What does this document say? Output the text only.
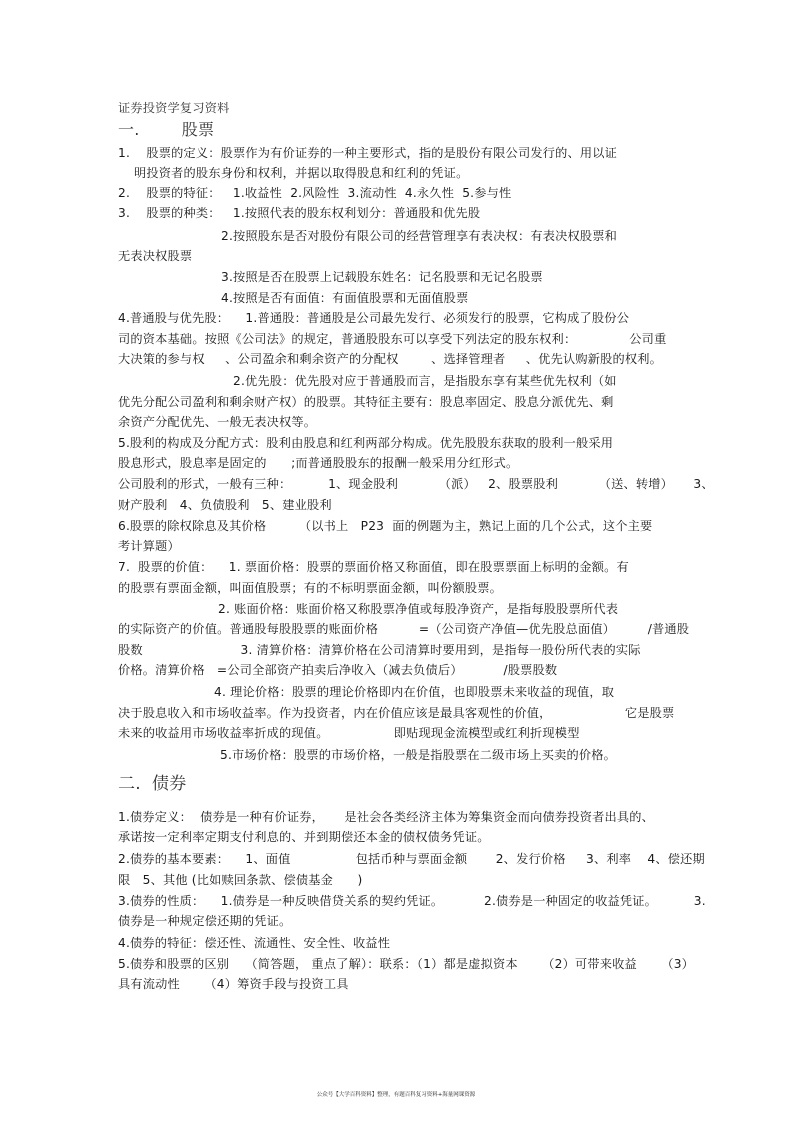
证券投资学复习资料
一.        股票
二.  债券
公众号【大学百科资料】整理，有题百科复习资料+海量网课资源
1.    股票的定义：股票作为有价证券的一种主要形式，指的是股份有限公司发行的、用以证
明投资者的股东身份和权利，并据以取得股息和红利的凭证。
2.    股票的特征：   1.收益性  2.风险性  3.流动性  4.永久性  5.参与性
3.    股票的种类：   1.按照代表的股东权利划分：普通股和优先股
2.按照股东是否对股份有限公司的经营管理享有表决权：有表决权股票和
无表决权股票
3.按照是否在股票上记载股东姓名：记名股票和无记名股票
4.按照是否有面值：有面值股票和无面值股票
4.普通股与优先股：    1.普通股：普通股是公司最先发行、必须发行的股票，它构成了股份公
司的资本基础。按照《公司法》的规定，普通股股东可以享受下列法定的股东权利：             公司重
大决策的参与权     、公司盈余和剩余资产的分配权        、选择管理者     、优先认购新股的权利。
2.优先股：优先股对应于普通股而言，是指股东享有某些优先权利（如
优先分配公司盈利和剩余财产权）的股票。其特征主要有：股息率固定、股息分派优先、剩
余资产分配优先、一般无表决权等。
5.股利的构成及分配方式：股利由股息和红利两部分构成。优先股股东获取的股利一般采用
股息形式，股息率是固定的      ;而普通股股东的报酬一般采用分红形式。
公司股利的形式，一般有三种：         1、现金股利          （派）   2、股票股利          （送、转增）     3、
财产股利   4、负债股利   5、建业股利
6.股票的除权除息及其价格        （以书上   P23  面的例题为主，熟记上面的几个公式，这个主要
考计算题）
7.  股票的价值：    1. 票面价格：股票的票面价格又称面值，即在股票票面上标明的金额。有
的股票有票面金额，叫面值股票；有的不标明票面金额，叫份额股票。
2. 账面价格：账面价格又称股票净值或每股净资产，是指每股股票所代表
的实际资产的价值。普通股每股股票的账面价格          =（公司资产净值—优先股总面值）        /普通股
股数                        3. 清算价格：清算价格在公司清算时要用到，是指每一股份所代表的实际
价格。清算价格   =公司全部资产拍卖后净收入（减去负债后）          /股票股数
4. 理论价格：股票的理论价格即内在价值，也即股票未来收益的现值，取
决于股息收入和市场收益率。作为投资者，内在价值应该是最具客观性的价值，                  它是股票
未来的收益用市场收益率折成的现值。                即贴现现金流模型或红利折现模型
5.市场价格：股票的市场价格，一般是指股票在二级市场上买卖的价格。
1.债券定义：  债券是一种有价证券，     是社会各类经济主体为筹集资金而向债券投资者出具的、
承诺按一定利率定期支付利息的、并到期偿还本金的债权债务凭证。
2.债券的基本要素：    1、面值                包括币种与票面金额       2、发行价格     3、利率    4、偿还期
限   5、其他 (比如赎回条款、偿债基金      )
3.债券的性质：    1.债券是一种反映借贷关系的契约凭证。          2.债券是一种固定的收益凭证。         3.
债券是一种规定偿还期的凭证。
4.债券的特征：偿还性、流通性、安全性、收益性
5.债券和股票的区别    （简答题， 重点了解）：联系：（1）都是虚拟资本      （2）可带来收益      （3）
具有流动性      （4）筹资手段与投资工具
